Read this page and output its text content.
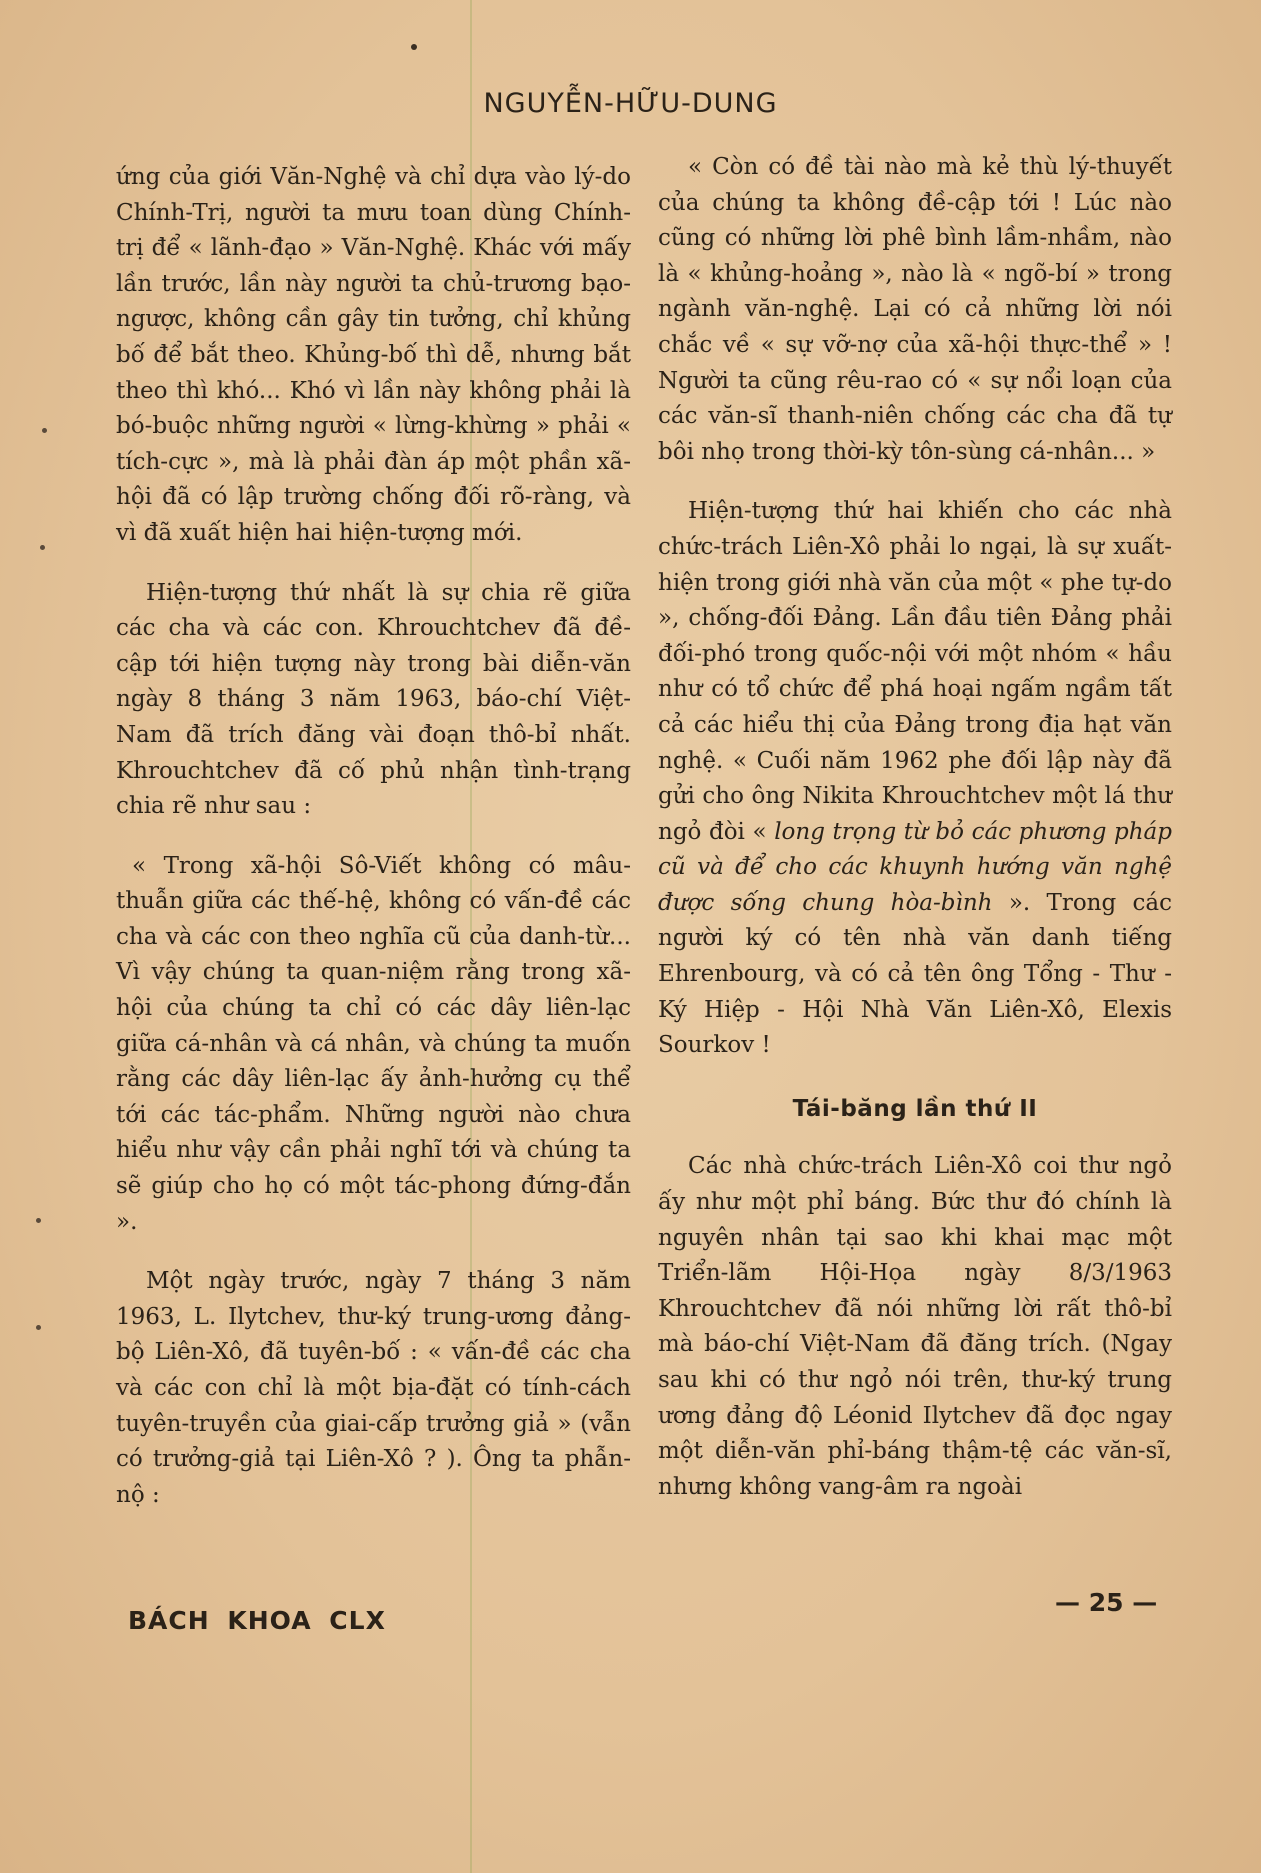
NGUYỄN-HỮU-DUNG

ứng của giới Văn-Nghệ và chỉ dựa vào lý-do Chính-Trị, người ta mưu toan dùng Chính-trị để « lãnh-đạo » Văn-Nghệ. Khác với mấy lần trước, lần này người ta chủ-trương bạo-ngược, không cần gây tin tưởng, chỉ khủng bố để bắt theo. Khủng-bố thì dễ, nhưng bắt theo thì khó... Khó vì lần này không phải là bó-buộc những người « lừng-khừng » phải « tích-cực », mà là phải đàn áp một phần xã-hội đã có lập trường chống đối rõ-ràng, và vì đã xuất hiện hai hiện-tượng mới.

Hiện-tượng thứ nhất là sự chia rẽ giữa các cha và các con. Khrouchtchev đã đề-cập tới hiện tượng này trong bài diễn-văn ngày 8 tháng 3 năm 1963, báo-chí Việt-Nam đã trích đăng vài đoạn thô-bỉ nhất. Khrouchtchev đã cố phủ nhận tình-trạng chia rẽ như sau :

« Trong xã-hội Sô-Viết không có mâu-thuẫn giữa các thế-hệ, không có vấn-đề các cha và các con theo nghĩa cũ của danh-từ... Vì vậy chúng ta quan-niệm rằng trong xã-hội của chúng ta chỉ có các dây liên-lạc giữa cá-nhân và cá nhân, và chúng ta muốn rằng các dây liên-lạc ấy ảnh-hưởng cụ thể tới các tác-phẩm. Những người nào chưa hiểu như vậy cần phải nghĩ tới và chúng ta sẽ giúp cho họ có một tác-phong đứng-đắn ».

Một ngày trước, ngày 7 tháng 3 năm 1963, L. Ilytchev, thư-ký trung-ương đảng-bộ Liên-Xô, đã tuyên-bố : « vấn-đề các cha và các con chỉ là một bịa-đặt có tính-cách tuyên-truyền của giai-cấp trưởng giả » (vẫn có trưởng-giả tại Liên-Xô ? ). Ông ta phẫn-nộ :

« Còn có đề tài nào mà kẻ thù lý-thuyết của chúng ta không đề-cập tới ! Lúc nào cũng có những lời phê bình lầm-nhầm, nào là « khủng-hoảng », nào là « ngõ-bí » trong ngành văn-nghệ. Lại có cả những lời nói chắc về « sự vỡ-nợ của xã-hội thực-thể » ! Người ta cũng rêu-rao có « sự nổi loạn của các văn-sĩ thanh-niên chống các cha đã tự bôi nhọ trong thời-kỳ tôn-sùng cá-nhân... »

Hiện-tượng thứ hai khiến cho các nhà chức-trách Liên-Xô phải lo ngại, là sự xuất-hiện trong giới nhà văn của một « phe tự-do », chống-đối Đảng. Lần đầu tiên Đảng phải đối-phó trong quốc-nội với một nhóm « hầu như có tổ chức để phá hoại ngấm ngầm tất cả các hiểu thị của Đảng trong địa hạt văn nghệ. « Cuối năm 1962 phe đối lập này đã gửi cho ông Nikita Khrouchtchev một lá thư ngỏ đòi « long trọng từ bỏ các phương pháp cũ và để cho các khuynh hướng văn nghệ được sống chung hòa-bình ». Trong các người ký có tên nhà văn danh tiếng Ehrenbourg, và có cả tên ông Tổng - Thư - Ký Hiệp - Hội Nhà Văn Liên-Xô, Elexis Sourkov !

Tái-băng lần thứ II

Các nhà chức-trách Liên-Xô coi thư ngỏ ấy như một phỉ báng. Bức thư đó chính là nguyên nhân tại sao khi khai mạc một Triển-lãm Hội-Họa ngày 8/3/1963 Khrouchtchev đã nói những lời rất thô-bỉ mà báo-chí Việt-Nam đã đăng trích. (Ngay sau khi có thư ngỏ nói trên, thư-ký trung ương đảng độ Léonid Ilytchev đã đọc ngay một diễn-văn phỉ-báng thậm-tệ các văn-sĩ, nhưng không vang-âm ra ngoài

BÁCH KHOA CLX
— 25 —
